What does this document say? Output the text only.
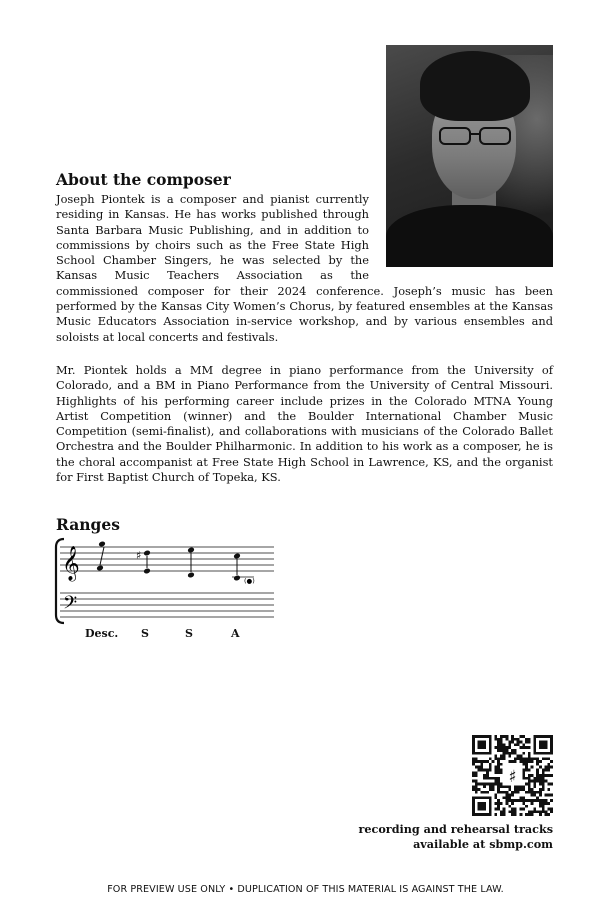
About the composer

Joseph Piontek is a composer and pianist currently residing in Kansas. He has works published through Santa Barbara Music Publishing, and in addition to commissions by choirs such as the Free State High School Chamber Singers, he was selected by the Kansas Music Teachers Association as the commissioned composer for their 2024 conference. Joseph’s music has been performed by the Kansas City Women’s Chorus, by featured ensembles at the Kansas Music Educators Association in-service workshop, and by various ensembles and soloists at local concerts and festivals.

Mr. Piontek holds a MM degree in piano performance from the University of Colorado, and a BM in Piano Performance from the University of Central Missouri. Highlights of his performing career include prizes in the Colorado MTNA Young Artist Competition (winner) and the Boulder International Chamber Music Competition (semi-finalist), and collaborations with musicians of the Colorado Ballet Orchestra and the Boulder Philharmonic. In addition to his work as a composer, he is the choral accompanist at Free State High School in Lawrence, KS, and the organist for First Baptist Church of Topeka, KS.

Ranges
𝄞
𝄢
♯
(●)
Desc. S	S	A
♯
recording and rehearsal tracks
available at sbmp.com
FOR PREVIEW USE ONLY • DUPLICATION OF THIS MATERIAL IS AGAINST THE LAW.
